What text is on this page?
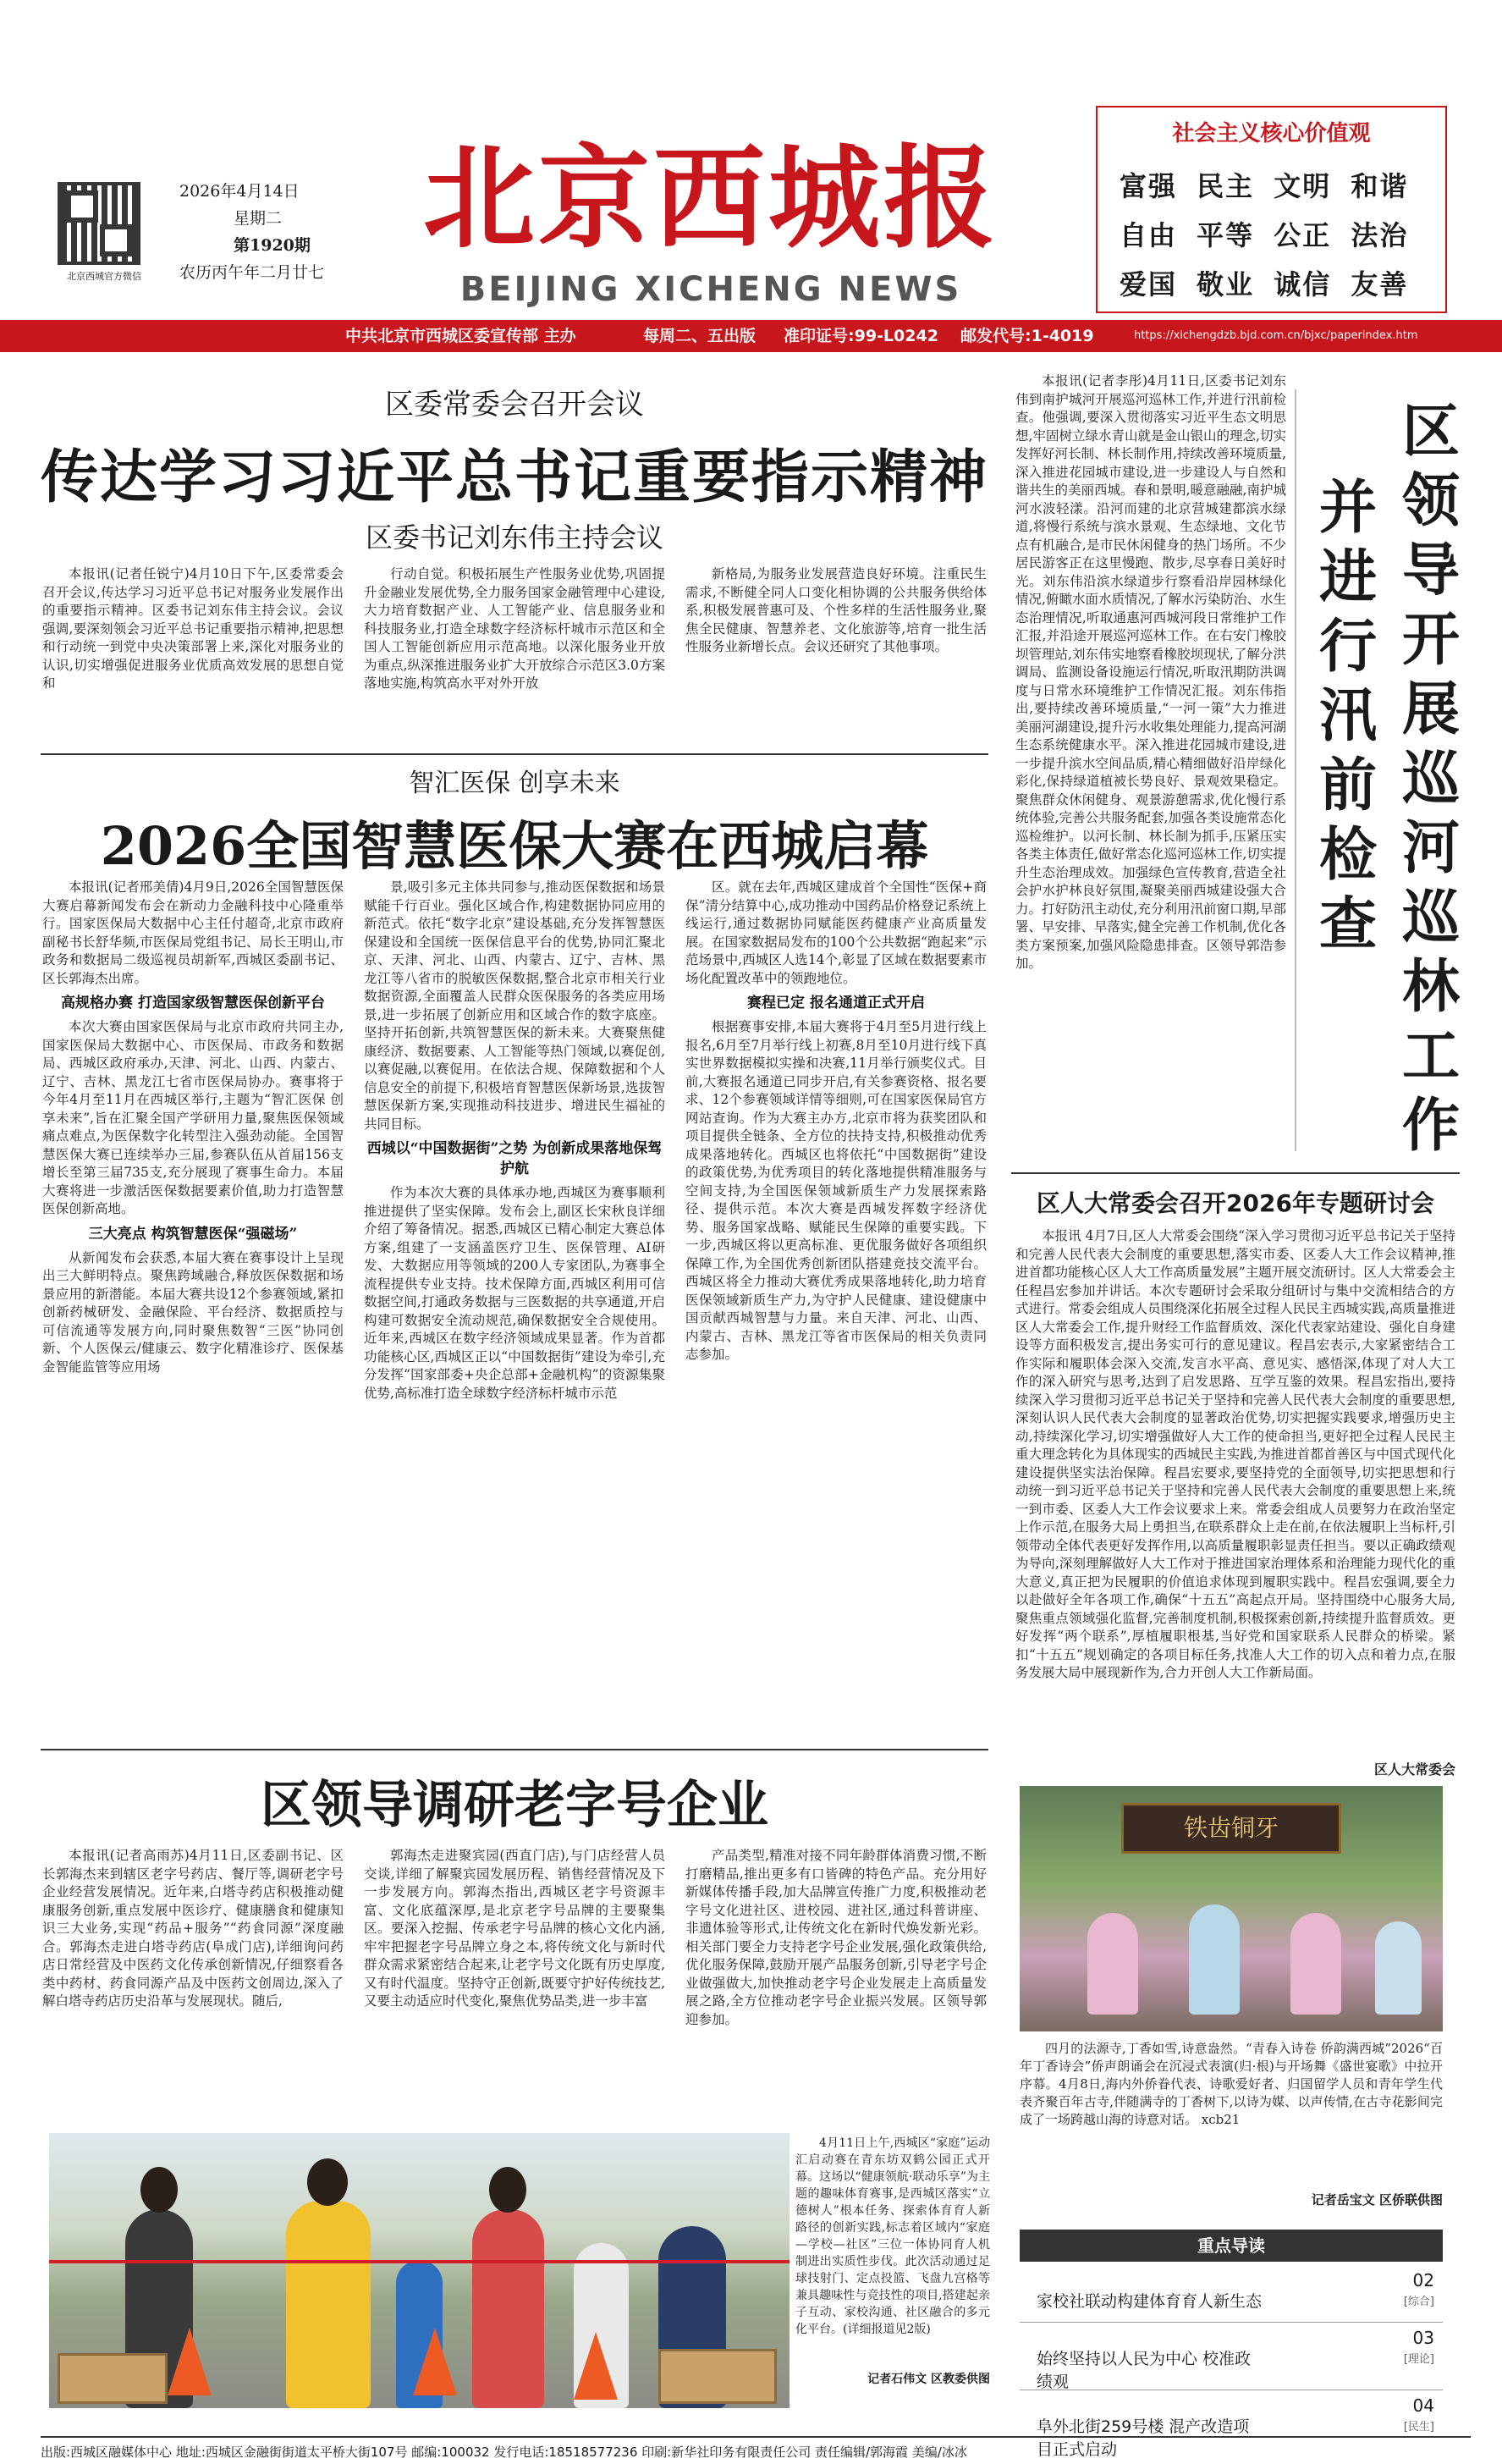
北京西城官方微信
2026年4月14日
星期二
第1920期
农历丙午年二月廿七
北京西城报
BEIJING XICHENG NEWS
社会主义核心价值观
富强 民主 文明 和谐
自由 平等 公正 法治
爱国 敬业 诚信 友善
中共北京市西城区委宣传部 主办	每周二、五出版 准印证号:99-L0242 邮发代号:1-4019	https://xichengdzb.bjd.com.cn/bjxc/paperindex.htm
区委常委会召开会议
传达学习习近平总书记重要指示精神
区委书记刘东伟主持会议

本报讯(记者任锐宁)4月10日下午,区委常委会召开会议,传达学习习近平总书记对服务业发展作出的重要指示精神。区委书记刘东伟主持会议。会议强调,要深刻领会习近平总书记重要指示精神,把思想和行动统一到党中央决策部署上来,深化对服务业的认识,切实增强促进服务业优质高效发展的思想自觉和

行动自觉。积极拓展生产性服务业优势,巩固提升金融业发展优势,全力服务国家金融管理中心建设,大力培育数据产业、人工智能产业、信息服务业和科技服务业,打造全球数字经济标杆城市示范区和全国人工智能创新应用示范高地。以深化服务业开放为重点,纵深推进服务业扩大开放综合示范区3.0方案落地实施,构筑高水平对外开放

新格局,为服务业发展营造良好环境。注重民生需求,不断健全同人口变化相协调的公共服务供给体系,积极发展普惠可及、个性多样的生活性服务业,聚焦全民健康、智慧养老、文化旅游等,培育一批生活性服务业新增长点。会议还研究了其他事项。

智汇医保 创享未来
2026全国智慧医保大赛在西城启幕

本报讯(记者邢美倩)4月9日,2026全国智慧医保大赛启幕新闻发布会在新动力金融科技中心隆重举行。国家医保局大数据中心主任付超奇,北京市政府副秘书长舒华频,市医保局党组书记、局长王明山,市政务和数据局二级巡视员胡新军,西城区委副书记、区长郭海杰出席。

高规格办赛 打造国家级智慧医保创新平台

本次大赛由国家医保局与北京市政府共同主办,国家医保局大数据中心、市医保局、市政务和数据局、西城区政府承办,天津、河北、山西、内蒙古、辽宁、吉林、黑龙江七省市医保局协办。赛事将于今年4月至11月在西城区举行,主题为“智汇医保 创享未来”,旨在汇聚全国产学研用力量,聚焦医保领域痛点难点,为医保数字化转型注入强劲动能。全国智慧医保大赛已连续举办三届,参赛队伍从首届156支增长至第三届735支,充分展现了赛事生命力。本届大赛将进一步激活医保数据要素价值,助力打造智慧医保创新高地。

三大亮点 构筑智慧医保“强磁场”

从新闻发布会获悉,本届大赛在赛事设计上呈现出三大鲜明特点。聚焦跨域融合,释放医保数据和场景应用的新潜能。本届大赛共设12个参赛领域,紧扣创新药械研发、金融保险、平台经济、数据质控与可信流通等发展方向,同时聚焦数智“三医”协同创新、个人医保云/健康云、数字化精准诊疗、医保基金智能监管等应用场

景,吸引多元主体共同参与,推动医保数据和场景赋能千行百业。强化区域合作,构建数据协同应用的新范式。依托“数字北京”建设基础,充分发挥智慧医保建设和全国统一医保信息平台的优势,协同汇聚北京、天津、河北、山西、内蒙古、辽宁、吉林、黑龙江等八省市的脱敏医保数据,整合北京市相关行业数据资源,全面覆盖人民群众医保服务的各类应用场景,进一步拓展了创新应用和区域合作的数字底座。坚持开拓创新,共筑智慧医保的新未来。大赛聚焦健康经济、数据要素、人工智能等热门领域,以赛促创,以赛促融,以赛促用。在依法合规、保障数据和个人信息安全的前提下,积极培育智慧医保新场景,选拔智慧医保新方案,实现推动科技进步、增进民生福祉的共同目标。

西城以“中国数据街”之势 为创新成果落地保驾护航

作为本次大赛的具体承办地,西城区为赛事顺利推进提供了坚实保障。发布会上,副区长宋秋良详细介绍了筹备情况。据悉,西城区已精心制定大赛总体方案,组建了一支涵盖医疗卫生、医保管理、AI研发、大数据应用等领域的200人专家团队,为赛事全流程提供专业支持。技术保障方面,西城区利用可信数据空间,打通政务数据与三医数据的共享通道,开启构建可数据安全流动规范,确保数据安全合规使用。近年来,西城区在数字经济领域成果显著。作为首都功能核心区,西城区正以“中国数据街”建设为牵引,充分发挥“国家部委+央企总部+金融机构”的资源集聚优势,高标准打造全球数字经济标杆城市示范

区。就在去年,西城区建成首个全国性“医保+商保”清分结算中心,成功推动中国药品价格登记系统上线运行,通过数据协同赋能医药健康产业高质量发展。在国家数据局发布的100个公共数据“跑起来”示范场景中,西城区人选14个,彰显了区域在数据要素市场化配置改革中的领跑地位。

赛程已定 报名通道正式开启

根据赛事安排,本届大赛将于4月至5月进行线上报名,6月至7月举行线上初赛,8月至10月进行线下真实世界数据模拟实操和决赛,11月举行颁奖仪式。目前,大赛报名通道已同步开启,有关参赛资格、报名要求、12个参赛领域详情等细则,可在国家医保局官方网站查询。作为大赛主办方,北京市将为获奖团队和项目提供全链条、全方位的扶持支持,积极推动优秀成果落地转化。西城区也将依托“中国数据街”建设的政策优势,为优秀项目的转化落地提供精准服务与空间支持,为全国医保领域新质生产力发展探索路径、提供示范。本次大赛是西城发挥数字经济优势、服务国家战略、赋能民生保障的重要实践。下一步,西城区将以更高标准、更优服务做好各项组织保障工作,为全国优秀创新团队搭建竞技交流平台。西城区将全力推动大赛优秀成果落地转化,助力培育医保领域新质生产力,为守护人民健康、建设健康中国贡献西城智慧与力量。来自天津、河北、山西、内蒙古、吉林、黑龙江等省市医保局的相关负责同志参加。

区领导调研老字号企业

本报讯(记者高雨苏)4月11日,区委副书记、区长郭海杰来到辖区老字号药店、餐厅等,调研老字号企业经营发展情况。近年来,白塔寺药店积极推动健康服务创新,重点发展中医诊疗、健康膳食和健康知识三大业务,实现“药品+服务”“药食同源”深度融合。郭海杰走进白塔寺药店(阜成门店),详细询问药店日常经营及中医药文化传承创新情况,仔细察看各类中药材、药食同源产品及中医药文创周边,深入了解白塔寺药店历史沿革与发展现状。随后,

郭海杰走进聚宾园(西直门店),与门店经营人员交谈,详细了解聚宾园发展历程、销售经营情况及下一步发展方向。郭海杰指出,西城区老字号资源丰富、文化底蕴深厚,是北京老字号品牌的主要聚集区。要深入挖掘、传承老字号品牌的核心文化内涵,牢牢把握老字号品牌立身之本,将传统文化与新时代群众需求紧密结合起来,让老字号文化既有历史厚度,又有时代温度。坚持守正创新,既要守护好传统技艺,又要主动适应时代变化,聚焦优势品类,进一步丰富

产品类型,精准对接不同年龄群体消费习惯,不断打磨精品,推出更多有口皆碑的特色产品。充分用好新媒体传播手段,加大品牌宣传推广力度,积极推动老字号文化进社区、进校园、进社区,通过科普讲座、非遗体验等形式,让传统文化在新时代焕发新光彩。相关部门要全力支持老字号企业发展,强化政策供给,优化服务保障,鼓励开展产品服务创新,引导老字号企业做强做大,加快推动老字号企业发展走上高质量发展之路,全方位推动老字号企业振兴发展。区领导郭迎参加。

本报讯(记者李彤)4月11日,区委书记刘东伟到南护城河开展巡河巡林工作,并进行汛前检查。他强调,要深入贯彻落实习近平生态文明思想,牢固树立绿水青山就是金山银山的理念,切实发挥好河长制、林长制作用,持续改善环境质量,深入推进花园城市建设,进一步建设人与自然和谐共生的美丽西城。春和景明,暖意融融,南护城河水波轻漾。沿河而建的北京营城建都滨水绿道,将慢行系统与滨水景观、生态绿地、文化节点有机融合,是市民休闲健身的热门场所。不少居民游客正在这里慢跑、散步,尽享春日美好时光。刘东伟沿滨水绿道步行察看沿岸园林绿化情况,俯瞰水面水质情况,了解水污染防治、水生态治理情况,听取通惠河西城河段日常维护工作汇报,并沿途开展巡河巡林工作。在右安门橡胶坝管理站,刘东伟实地察看橡胶坝现状,了解分洪调局、监测设备设施运行情况,听取汛期防洪调度与日常水环境维护工作情况汇报。刘东伟指出,要持续改善环境质量,“一河一策”大力推进美丽河湖建设,提升污水收集处理能力,提高河湖生态系统健康水平。深入推进花园城市建设,进一步提升滨水空间品质,精心精细做好沿岸绿化彩化,保持绿道植被长势良好、景观效果稳定。聚焦群众休闲健身、观景游憩需求,优化慢行系统体验,完善公共服务配套,加强各类设施常态化巡检维护。以河长制、林长制为抓手,压紧压实各类主体责任,做好常态化巡河巡林工作,切实提升生态治理成效。加强绿色宣传教育,营造全社会护水护林良好氛围,凝聚美丽西城建设强大合力。打好防汛主动仗,充分利用汛前窗口期,早部署、早安排、早落实,健全完善工作机制,优化各类方案预案,加强风险隐患排查。区领导郭浩参加。

区领导开展巡河巡林工作
并进行汛前检查
区人大常委会召开2026年专题研讨会

本报讯 4月7日,区人大常委会围绕“深入学习贯彻习近平总书记关于坚持和完善人民代表大会制度的重要思想,落实市委、区委人大工作会议精神,推进首都功能核心区人大工作高质量发展”主题开展交流研讨。区人大常委会主任程昌宏参加并讲话。本次专题研讨会采取分组研讨与集中交流相结合的方式进行。常委会组成人员围绕深化拓展全过程人民民主西城实践,高质量推进区人大常委会工作,提升财经工作监督质效、深化代表家站建设、强化自身建设等方面积极发言,提出务实可行的意见建议。程昌宏表示,大家紧密结合工作实际和履职体会深入交流,发言水平高、意见实、感悟深,体现了对人大工作的深入研究与思考,达到了启发思路、互学互鉴的效果。程昌宏指出,要持续深入学习贯彻习近平总书记关于坚持和完善人民代表大会制度的重要思想,深刻认识人民代表大会制度的显著政治优势,切实把握实践要求,增强历史主动,持续深化学习,切实增强做好人大工作的使命担当,更好把全过程人民民主重大理念转化为具体现实的西城民主实践,为推进首都首善区与中国式现代化建设提供坚实法治保障。程昌宏要求,要坚持党的全面领导,切实把思想和行动统一到习近平总书记关于坚持和完善人民代表大会制度的重要思想上来,统一到市委、区委人大工作会议要求上来。常委会组成人员要努力在政治坚定上作示范,在服务大局上勇担当,在联系群众上走在前,在依法履职上当标杆,引领带动全体代表更好发挥作用,以高质量履职彰显责任担当。要以正确政绩观为导向,深刻理解做好人大工作对于推进国家治理体系和治理能力现代化的重大意义,真正把为民履职的价值追求体现到履职实践中。程昌宏强调,要全力以赴做好全年各项工作,确保“十五五”高起点开局。坚持围绕中心服务大局,聚焦重点领域强化监督,完善制度机制,积极探索创新,持续提升监督质效。更好发挥“两个联系”,厚植履职根基,当好党和国家联系人民群众的桥梁。紧扣“十五五”规划确定的各项目标任务,找准人大工作的切入点和着力点,在服务发展大局中展现新作为,合力开创人大工作新局面。

区人大常委会

4月11日上午,西城区“家庭”运动汇启动赛在青东坊双鹤公园正式开幕。这场以“健康领航·联动乐享”为主题的趣味体育赛事,是西城区落实“立德树人”根本任务、探索体育育人新路径的创新实践,标志着区域内“家庭—学校—社区”三位一体协同育人机制进出实质性步伐。此次活动通过足球技射门、定点投篮、飞盘九宫格等兼具趣味性与竞技性的项目,搭建起亲子互动、家校沟通、社区融合的多元化平台。(详细报道见2版)

记者石伟文 区教委供图
铁齿铜牙

四月的法源寺,丁香如雪,诗意盎然。“青春入诗卷 侨韵满西城”2026“百年丁香诗会”侨声朗诵会在沉浸式表演(归·根)与开场舞《盛世宴歌》中拉开序幕。4月8日,海内外侨眷代表、诗歌爱好者、归国留学人员和青年学生代表齐聚百年古寺,伴随满寺的丁香树下,以诗为媒、以声传情,在古寺花影间完成了一场跨越山海的诗意对话。 xcb21

记者岳宝文 区侨联供图
重点导读
02
[综合]
家校社联动构建体育育人新生态
03
[理论]
始终坚持以人民为中心 校准政绩观
04
[民生]
阜外北街259号楼 混产改造项目正式启动
出版:西城区融媒体中心 地址:西城区金融街街道太平桥大街107号 邮编:100032 发行电话:18518577236 印刷:新华社印务有限责任公司 责任编辑/郭海霞 美编/冰冰
